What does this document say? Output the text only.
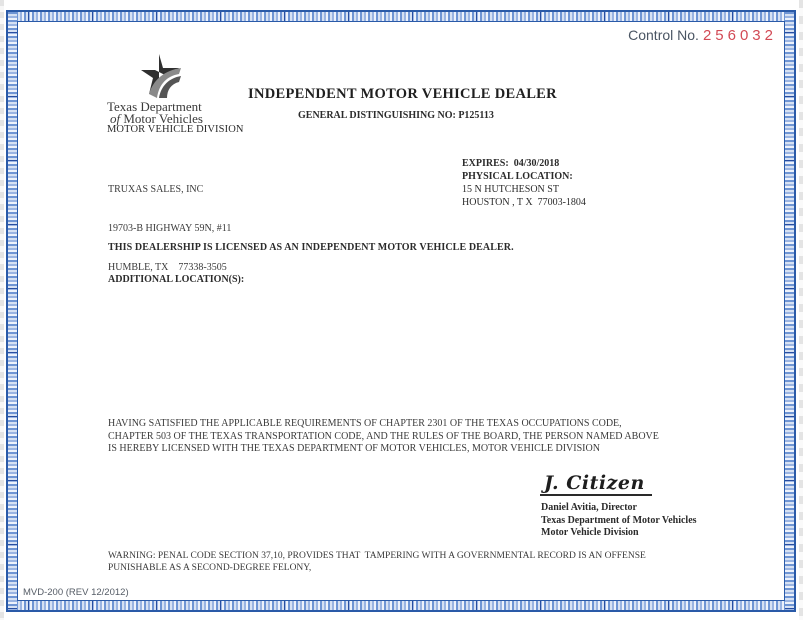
Control No. 256032
Texas Department
of Motor Vehicles
MOTOR VEHICLE DIVISION
INDEPENDENT MOTOR VEHICLE DEALER
GENERAL DISTINGUISHING NO: P125113

TRUXAS SALES, INC

19703-B HIGHWAY 59N, #11

HUMBLE, TX    77338-3505

EXPIRES: 04/30/2018
PHYSICAL LOCATION:
15 N HUTCHESON ST
HOUSTON , T X  77003-1804
THIS DEALERSHIP IS LICENSED AS AN INDEPENDENT MOTOR VEHICLE DEALER.
ADDITIONAL LOCATION(S):
HAVING SATISFIED THE APPLICABLE REQUIREMENTS OF CHAPTER 2301 OF THE TEXAS OCCUPATIONS CODE,
CHAPTER 503 OF THE TEXAS TRANSPORTATION CODE, AND THE RULES OF THE BOARD, THE PERSON NAMED ABOVE
IS HEREBY LICENSED WITH THE TEXAS DEPARTMENT OF MOTOR VEHICLES, MOTOR VEHICLE DIVISION
J. Citizen
Daniel Avitia, Director
Texas Department of Motor Vehicles
Motor Vehicle Division
WARNING: PENAL CODE SECTION 37,10, PROVIDES THAT  TAMPERING WITH A GOVERNMENTAL RECORD IS AN OFFENSE
PUNISHABLE AS A SECOND-DEGREE FELONY,
MVD-200 (REV 12/2012)
